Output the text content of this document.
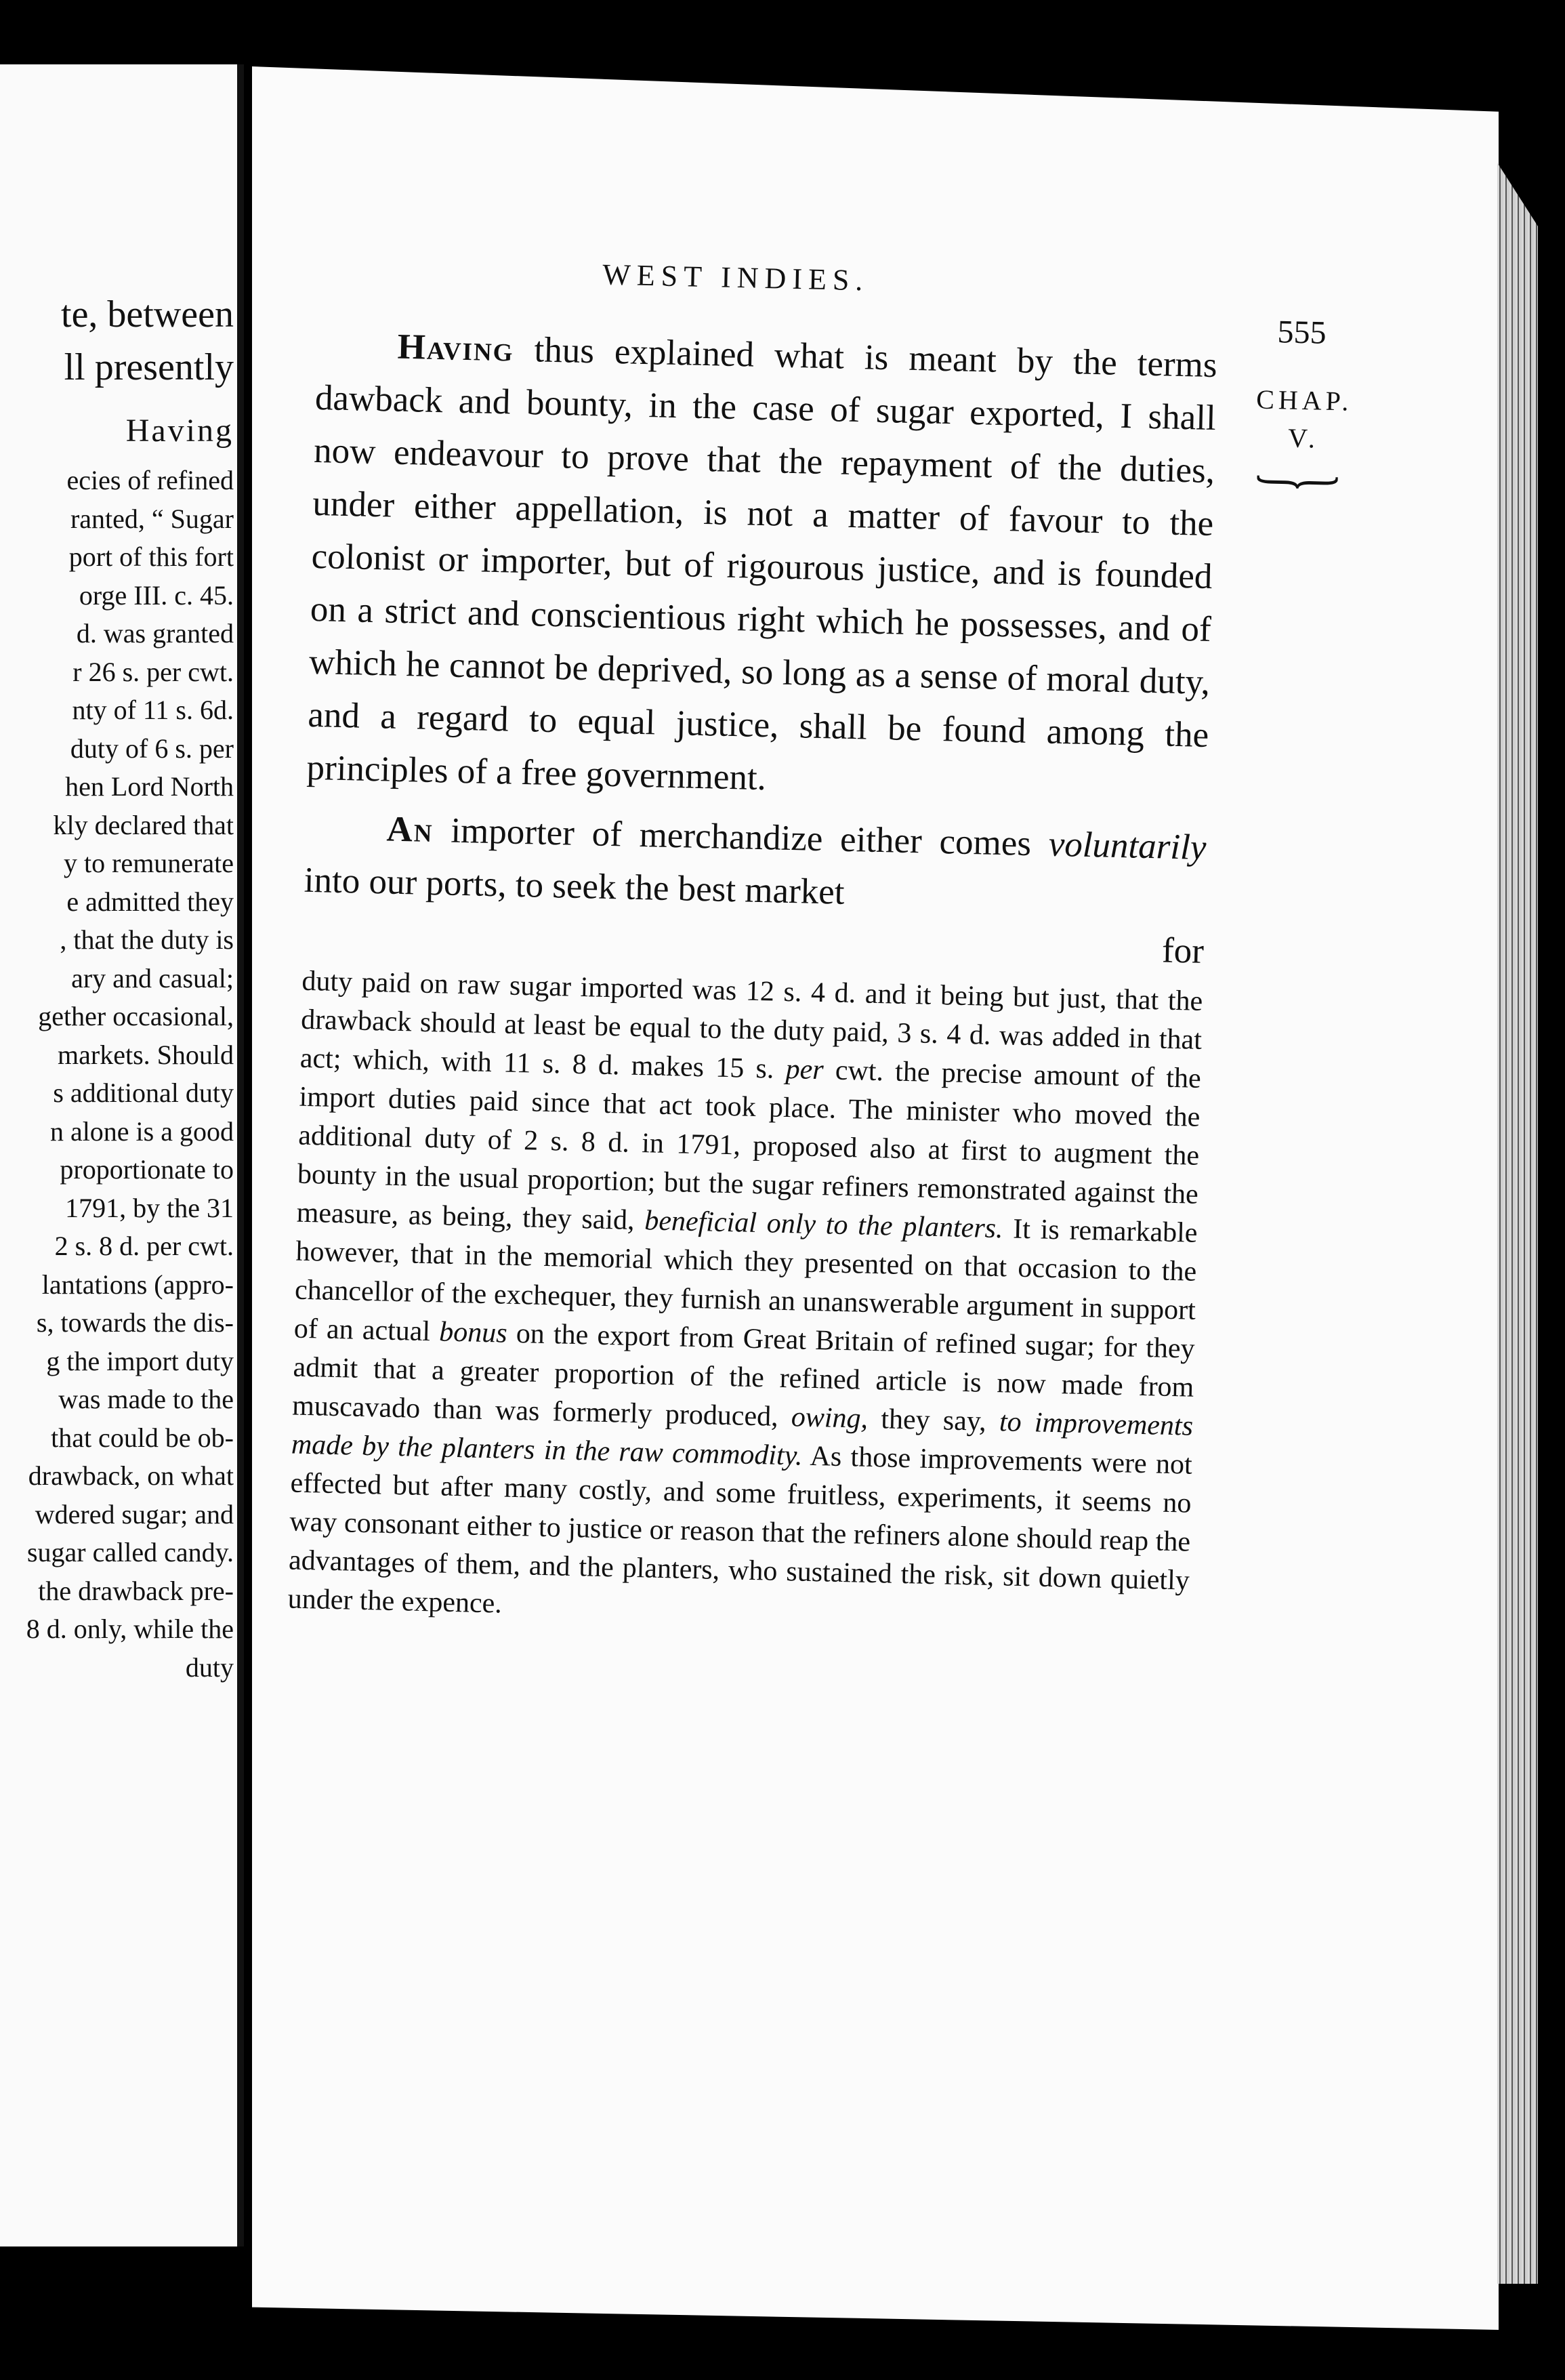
te, between
ll presently
Having
ecies of refined
ranted, “ Sugar
port of this fort
orge III. c. 45.
d. was granted
r 26 s. per cwt.
nty of 11 s. 6d.
duty of 6 s. per
hen Lord North
kly declared that
y to remunerate
e admitted they
, that the duty is
ary and casual;
gether occasional,
markets. Should
s additional duty
n alone is a good
proportionate to
1791, by the 31
2 s. 8 d. per cwt.
lantations (appro-
s, towards the dis-
g the import duty
was made to the
that could be ob-
drawback, on what
wdered sugar; and
sugar called candy.
the drawback pre-
8 d. only, while the
duty
WEST INDIES.
555
CHAP.
V.
}

Having thus explained what is meant by the terms dawback and bounty, in the case of sugar exported, I shall now endeavour to prove that the repayment of the duties, under either appellation, is not a matter of favour to the colonist or importer, but of rigourous justice, and is founded on a strict and conscientious right which he possesses, and of which he cannot be deprived, so long as a sense of moral duty, and a regard to equal justice, shall be found among the principles of a free government.

An importer of merchandize either comes voluntarily into our ports, to seek the best market

for

duty paid on raw sugar imported was 12 s. 4 d. and it being but just, that the drawback should at least be equal to the duty paid, 3 s. 4 d. was added in that act; which, with 11 s. 8 d. makes 15 s. per cwt. the precise amount of the import duties paid since that act took place. The minister who moved the additional duty of 2 s. 8 d. in 1791, proposed also at first to augment the bounty in the usual proportion; but the sugar refiners remonstrated against the measure, as being, they said, beneficial only to the planters. It is remarkable however, that in the memorial which they presented on that occasion to the chancellor of the exchequer, they furnish an unanswerable argument in support of an actual bonus on the export from Great Britain of refined sugar; for they admit that a greater proportion of the refined article is now made from muscavado than was formerly produced, owing, they say, to improvements made by the planters in the raw commodity. As those improvements were not effected but after many costly, and some fruitless, experiments, it seems no way consonant either to justice or reason that the refiners alone should reap the advantages of them, and the planters, who sustained the risk, sit down quietly under the expence.
